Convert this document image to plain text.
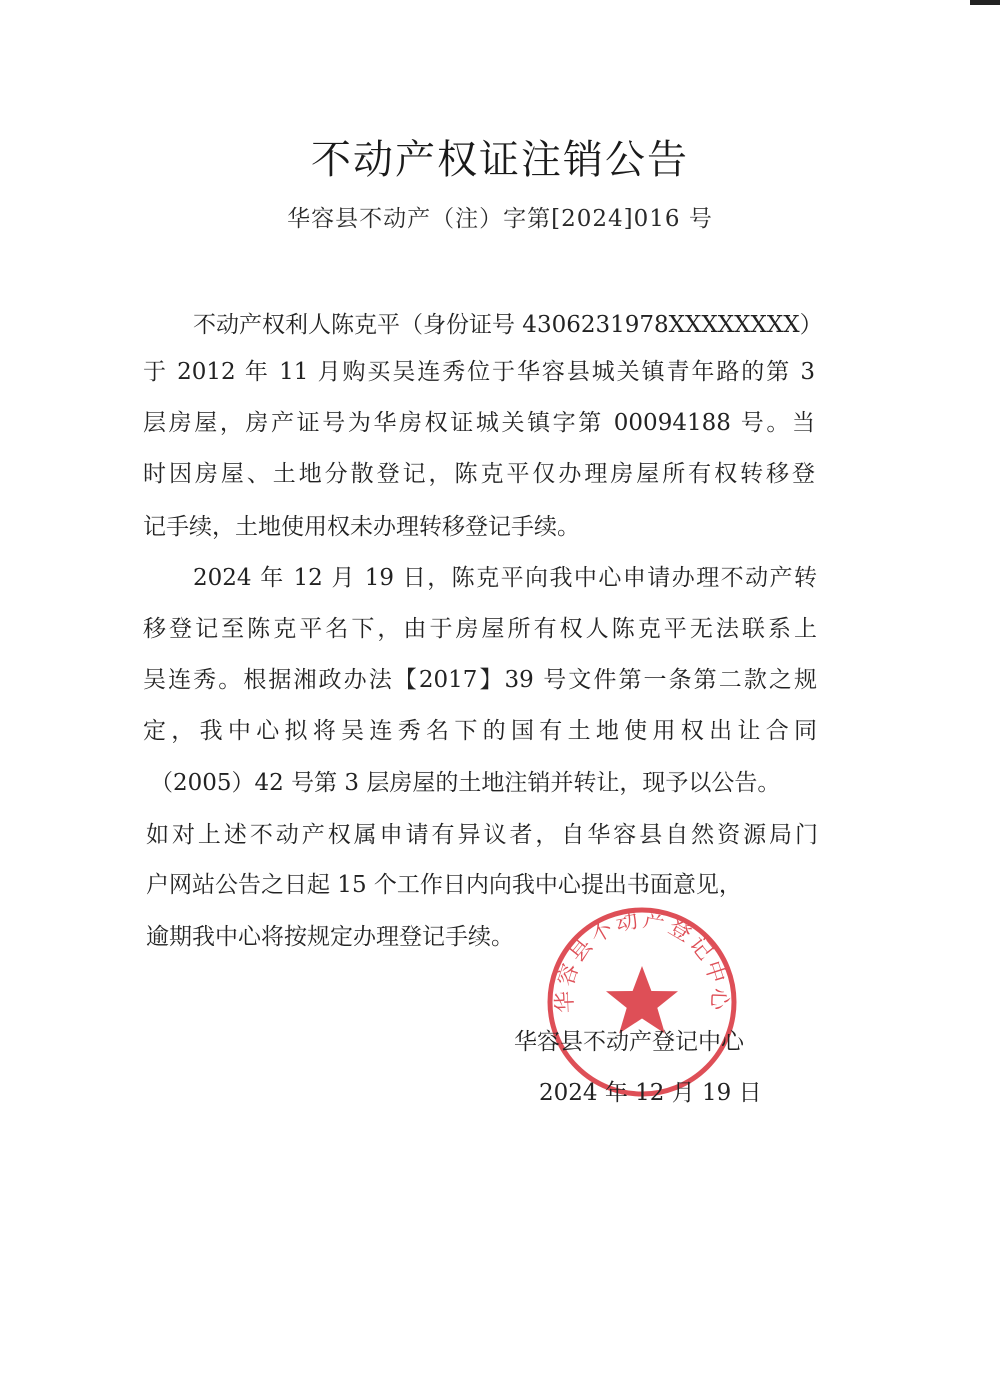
不动产权证注销公告
华容县不动产（注）字第[2024]016 号
不动产权利人陈克平（身份证号 4306231978XXXXXXXX）
于 2012 年 11 月购买吴连秀位于华容县城关镇青年路的第 3
层房屋，房产证号为华房权证城关镇字第 00094188 号。当
时因房屋、土地分散登记，陈克平仅办理房屋所有权转移登
记手续，土地使用权未办理转移登记手续。
2024 年 12 月 19 日，陈克平向我中心申请办理不动产转
移登记至陈克平名下，由于房屋所有权人陈克平无法联系上
吴连秀。根据湘政办法【2017】39 号文件第一条第二款之规
定，我中心拟将吴连秀名下的国有土地使用权出让合同
（2005）42 号第 3 层房屋的土地注销并转让，现予以公告。
如对上述不动产权属申请有异议者，自华容县自然资源局门
户网站公告之日起 15 个工作日内向我中心提出书面意见，
逾期我中心将按规定办理登记手续。
华容县不动产登记中心
华容县不动产登记中心
2024 年 12 月 19 日
